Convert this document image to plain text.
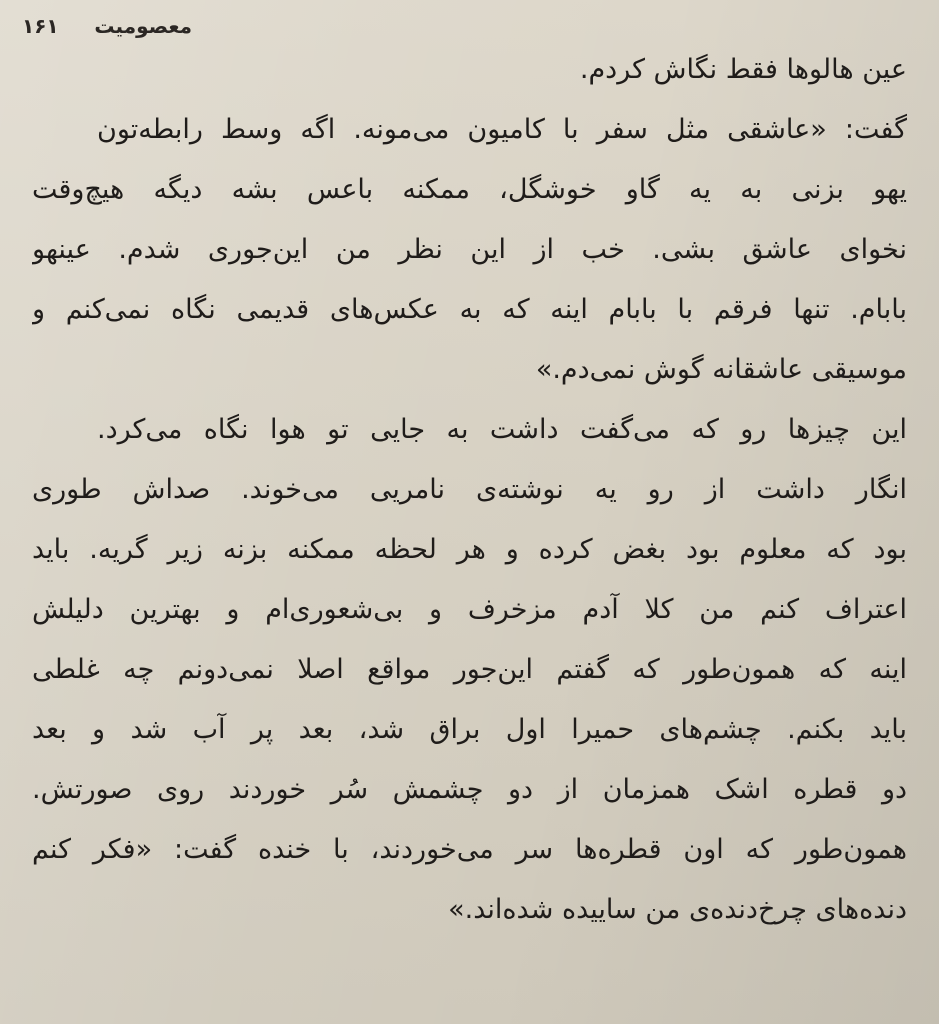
معصومیت
۱۶۱
عین هالوها فقط نگاش کردم.
گفت: «عاشقی مثل سفر با کامیون می‌مونه. اگه وسط رابطه‌تون
یهو بزنی به یه گاو خوشگل، ممکنه باعس بشه دیگه هیچ‌وقت
نخوای عاشق بشی. خب از این نظر من این‌جوری شدم. عینهو
بابام. تنها فرقم با بابام اینه که به عکس‌های قدیمی نگاه نمی‌کنم و
موسیقی عاشقانه گوش نمی‌دم.»
این چیزها رو که می‌گفت داشت به جایی تو هوا نگاه می‌کرد.
انگار داشت از رو یه نوشته‌ی نامریی می‌خوند. صداش طوری
بود که معلوم بود بغض کرده و هر لحظه ممکنه بزنه زیر گریه. باید
اعتراف کنم من کلا آدم مزخرف و بی‌شعوری‌ام و بهترین دلیلش
اینه که همون‌طور که گفتم این‌جور مواقع اصلا نمی‌دونم چه غلطی
باید بکنم. چشم‌های حمیرا اول براق شد، بعد پر آب شد و بعد
دو قطره اشک همزمان از دو چشمش سُر خوردند روی صورتش.
همون‌طور که اون قطره‌ها سر می‌خوردند، با خنده گفت: «فکر کنم
دنده‌های چرخ‌دنده‌ی من ساییده شده‌اند.»
